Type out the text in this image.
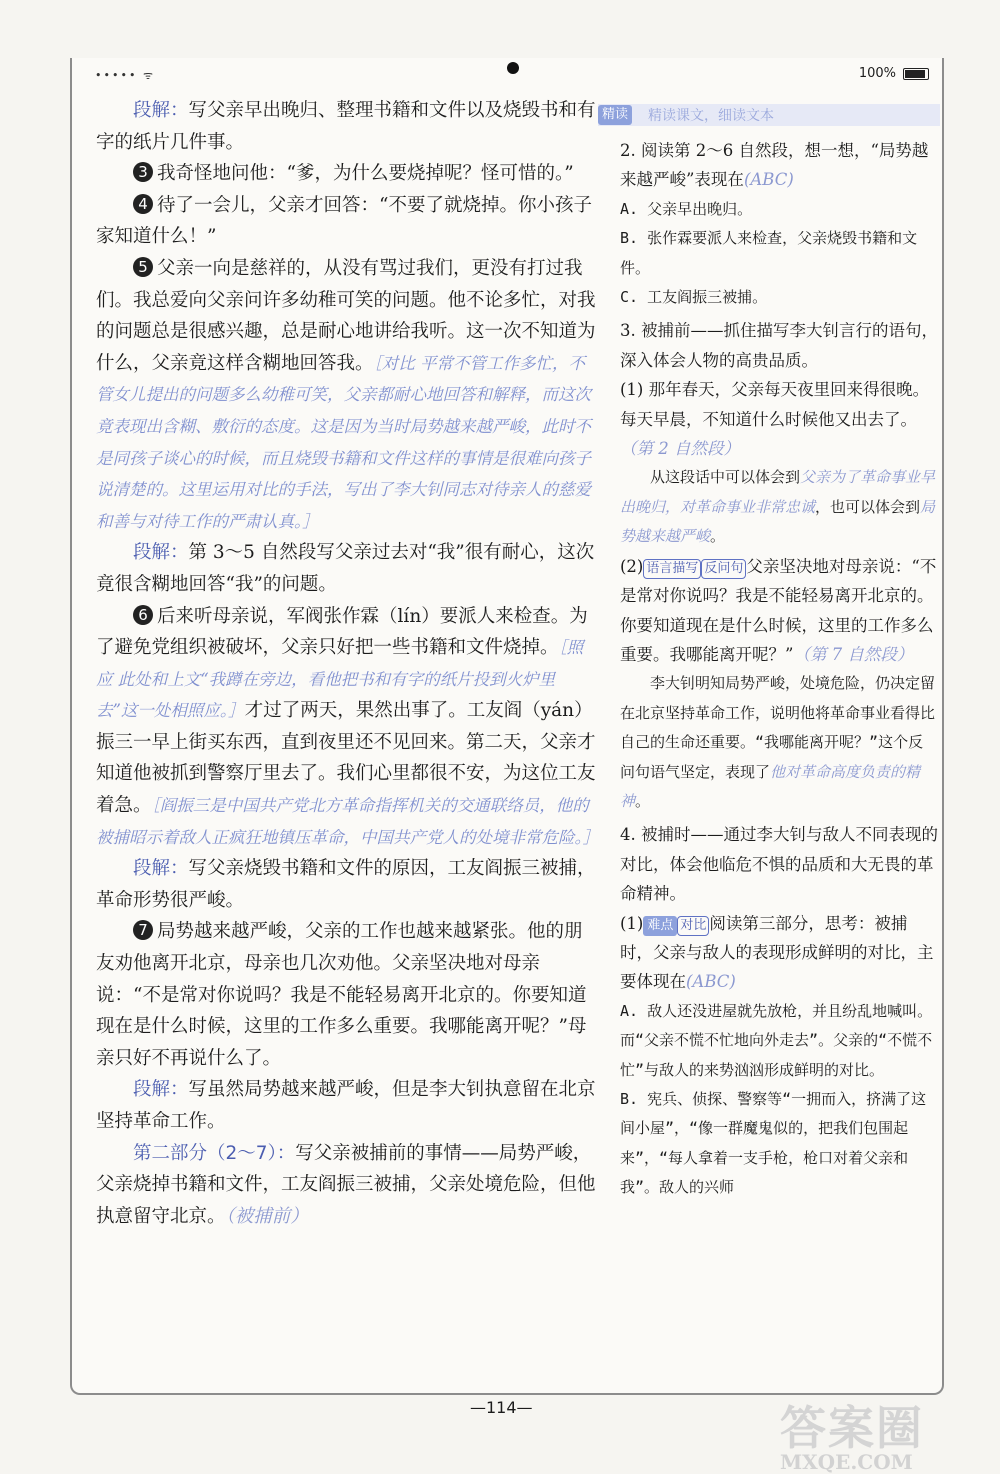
••••• ᯤ	100%
精读 精读课文，细读文本

段解：写父亲早出晚归、整理书籍和文件以及烧毁书和有字的纸片几件事。

3 我奇怪地问他：“爹，为什么要烧掉呢？怪可惜的。”

4 待了一会儿，父亲才回答：“不要了就烧掉。你小孩子家知道什么！”

5 父亲一向是慈祥的，从没有骂过我们，更没有打过我们。我总爱向父亲问许多幼稚可笑的问题。他不论多忙，对我的问题总是很感兴趣，总是耐心地讲给我听。这一次不知道为什么，父亲竟这样含糊地回答我。［对比 平常不管工作多忙，不管女儿提出的问题多么幼稚可笑，父亲都耐心地回答和解释，而这次竟表现出含糊、敷衍的态度。这是因为当时局势越来越严峻，此时不是同孩子谈心的时候，而且烧毁书籍和文件这样的事情是很难向孩子说清楚的。这里运用对比的手法，写出了李大钊同志对待亲人的慈爱和善与对待工作的严肃认真。］

段解：第 3～5 自然段写父亲过去对“我”很有耐心，这次竟很含糊地回答“我”的问题。

6 后来听母亲说，军阀张作霖（lín）要派人来检查。为了避免党组织被破坏，父亲只好把一些书籍和文件烧掉。［照应 此处和上文“我蹲在旁边，看他把书和有字的纸片投到火炉里去”这一处相照应。］才过了两天，果然出事了。工友阎（yán）振三一早上街买东西，直到夜里还不见回来。第二天，父亲才知道他被抓到警察厅里去了。我们心里都很不安，为这位工友着急。［阎振三是中国共产党北方革命指挥机关的交通联络员，他的被捕昭示着敌人正疯狂地镇压革命，中国共产党人的处境非常危险。］

段解：写父亲烧毁书籍和文件的原因，工友阎振三被捕，革命形势很严峻。

7 局势越来越严峻，父亲的工作也越来越紧张。他的朋友劝他离开北京，母亲也几次劝他。父亲坚决地对母亲说：“不是常对你说吗？我是不能轻易离开北京的。你要知道现在是什么时候，这里的工作多么重要。我哪能离开呢？”母亲只好不再说什么了。

段解：写虽然局势越来越严峻，但是李大钊执意留在北京坚持革命工作。

第二部分（2～7）：写父亲被捕前的事情——局势严峻，父亲烧掉书籍和文件，工友阎振三被捕，父亲处境危险，但他执意留守北京。（被捕前）

2. 阅读第 2～6 自然段，想一想，“局势越来越严峻”表现在(ABC)

A. 父亲早出晚归。

B. 张作霖要派人来检查，父亲烧毁书籍和文件。

C. 工友阎振三被捕。

3. 被捕前——抓住描写李大钊言行的语句，深入体会人物的高贵品质。

(1) 那年春天，父亲每天夜里回来得很晚。每天早晨，不知道什么时候他又出去了。（第 2 自然段）

从这段话中可以体会到父亲为了革命事业早出晚归，对革命事业非常忠诚，也可以体会到局势越来越严峻。

(2) 语言描写 反问句 父亲坚决地对母亲说：“不是常对你说吗？我是不能轻易离开北京的。你要知道现在是什么时候，这里的工作多么重要。我哪能离开呢？”（第 7 自然段）

李大钊明知局势严峻，处境危险，仍决定留在北京坚持革命工作，说明他将革命事业看得比自己的生命还重要。“我哪能离开呢？”这个反问句语气坚定，表现了他对革命高度负责的精神。

4. 被捕时——通过李大钊与敌人不同表现的对比，体会他临危不惧的品质和大无畏的革命精神。

(1) 难点 对比 阅读第三部分，思考：被捕时，父亲与敌人的表现形成鲜明的对比，主要体现在(ABC)

A. 敌人还没进屋就先放枪，并且纷乱地喊叫。而“父亲不慌不忙地向外走去”。父亲的“不慌不忙”与敌人的来势汹汹形成鲜明的对比。

B. 宪兵、侦探、警察等“一拥而入，挤满了这间小屋”，“像一群魔鬼似的，把我们包围起来”，“每人拿着一支手枪，枪口对着父亲和我”。敌人的兴师

—114—	答案圈
MXQE.COM
